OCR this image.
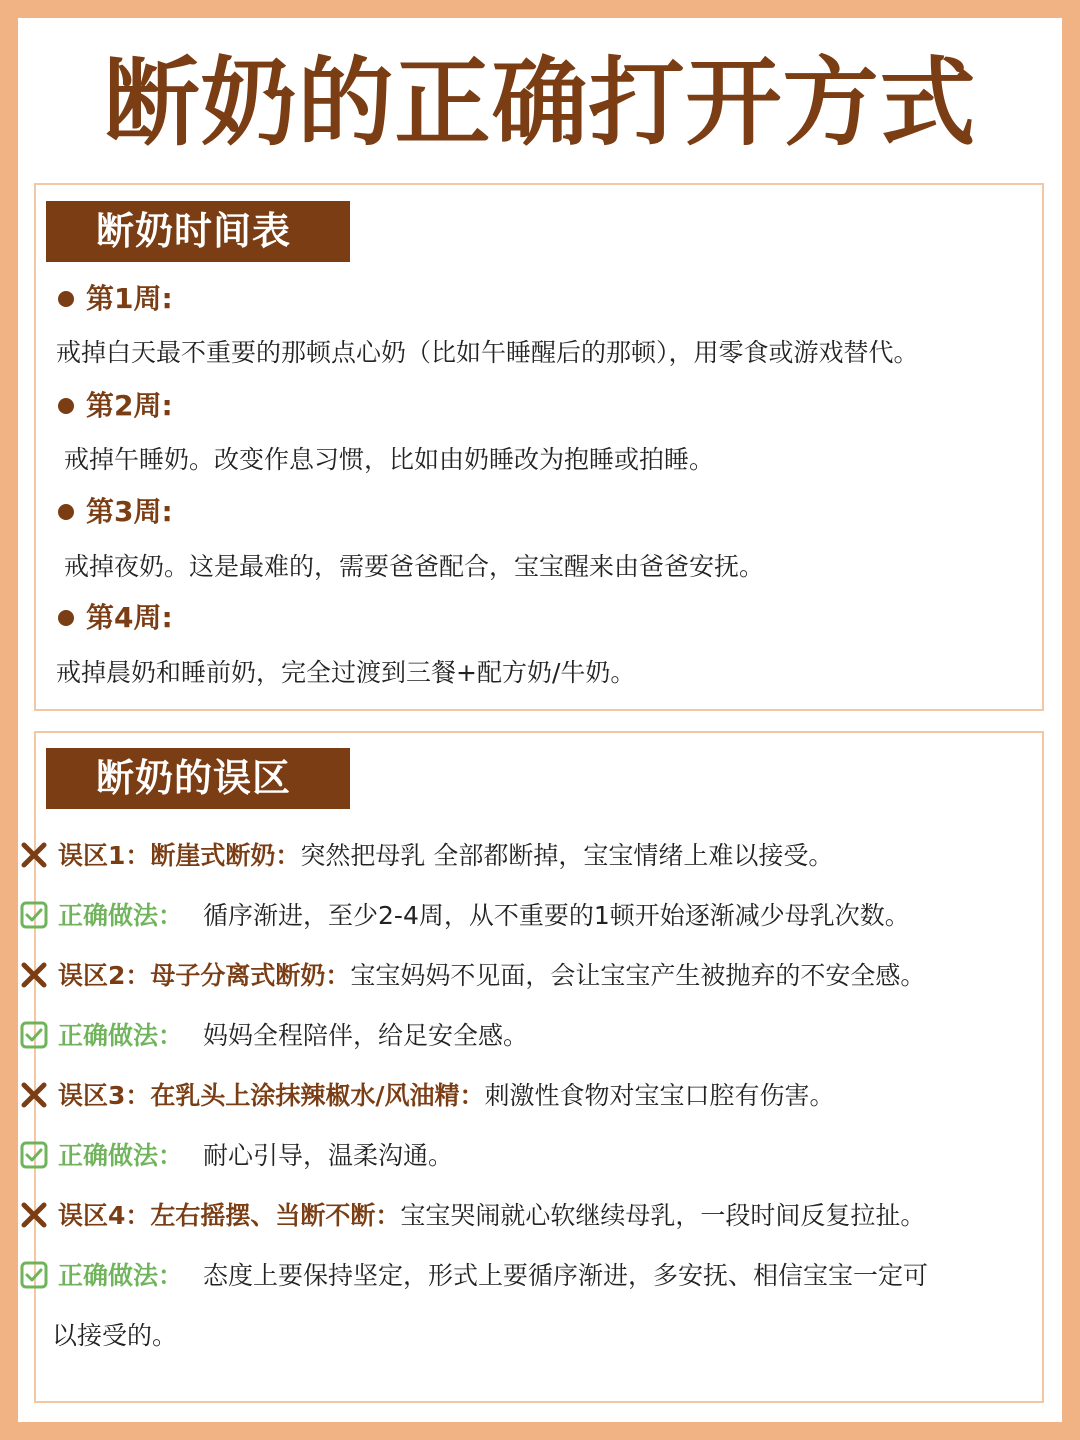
断奶的正确打开方式
断奶时间表
第1周:
戒掉白天最不重要的那顿点心奶（比如午睡醒后的那顿），用零食或游戏替代。
第2周:
戒掉午睡奶。改变作息习惯，比如由奶睡改为抱睡或拍睡。
第3周:
戒掉夜奶。这是最难的，需要爸爸配合，宝宝醒来由爸爸安抚。
第4周:
戒掉晨奶和睡前奶，完全过渡到三餐+配方奶/牛奶。
断奶的误区
误区1：断崖式断奶：突然把母乳 全部都断掉，宝宝情绪上难以接受。
正确做法： 循序渐进，至少2-4周，从不重要的1顿开始逐渐减少母乳次数。
误区2：母子分离式断奶：宝宝妈妈不见面，会让宝宝产生被抛弃的不安全感。
正确做法： 妈妈全程陪伴，给足安全感。
误区3：在乳头上涂抹辣椒水/风油精：刺激性食物对宝宝口腔有伤害。
正确做法： 耐心引导，温柔沟通。
误区4：左右摇摆、当断不断：宝宝哭闹就心软继续母乳，一段时间反复拉扯。
正确做法： 态度上要保持坚定，形式上要循序渐进，多安抚、相信宝宝一定可
以接受的。
